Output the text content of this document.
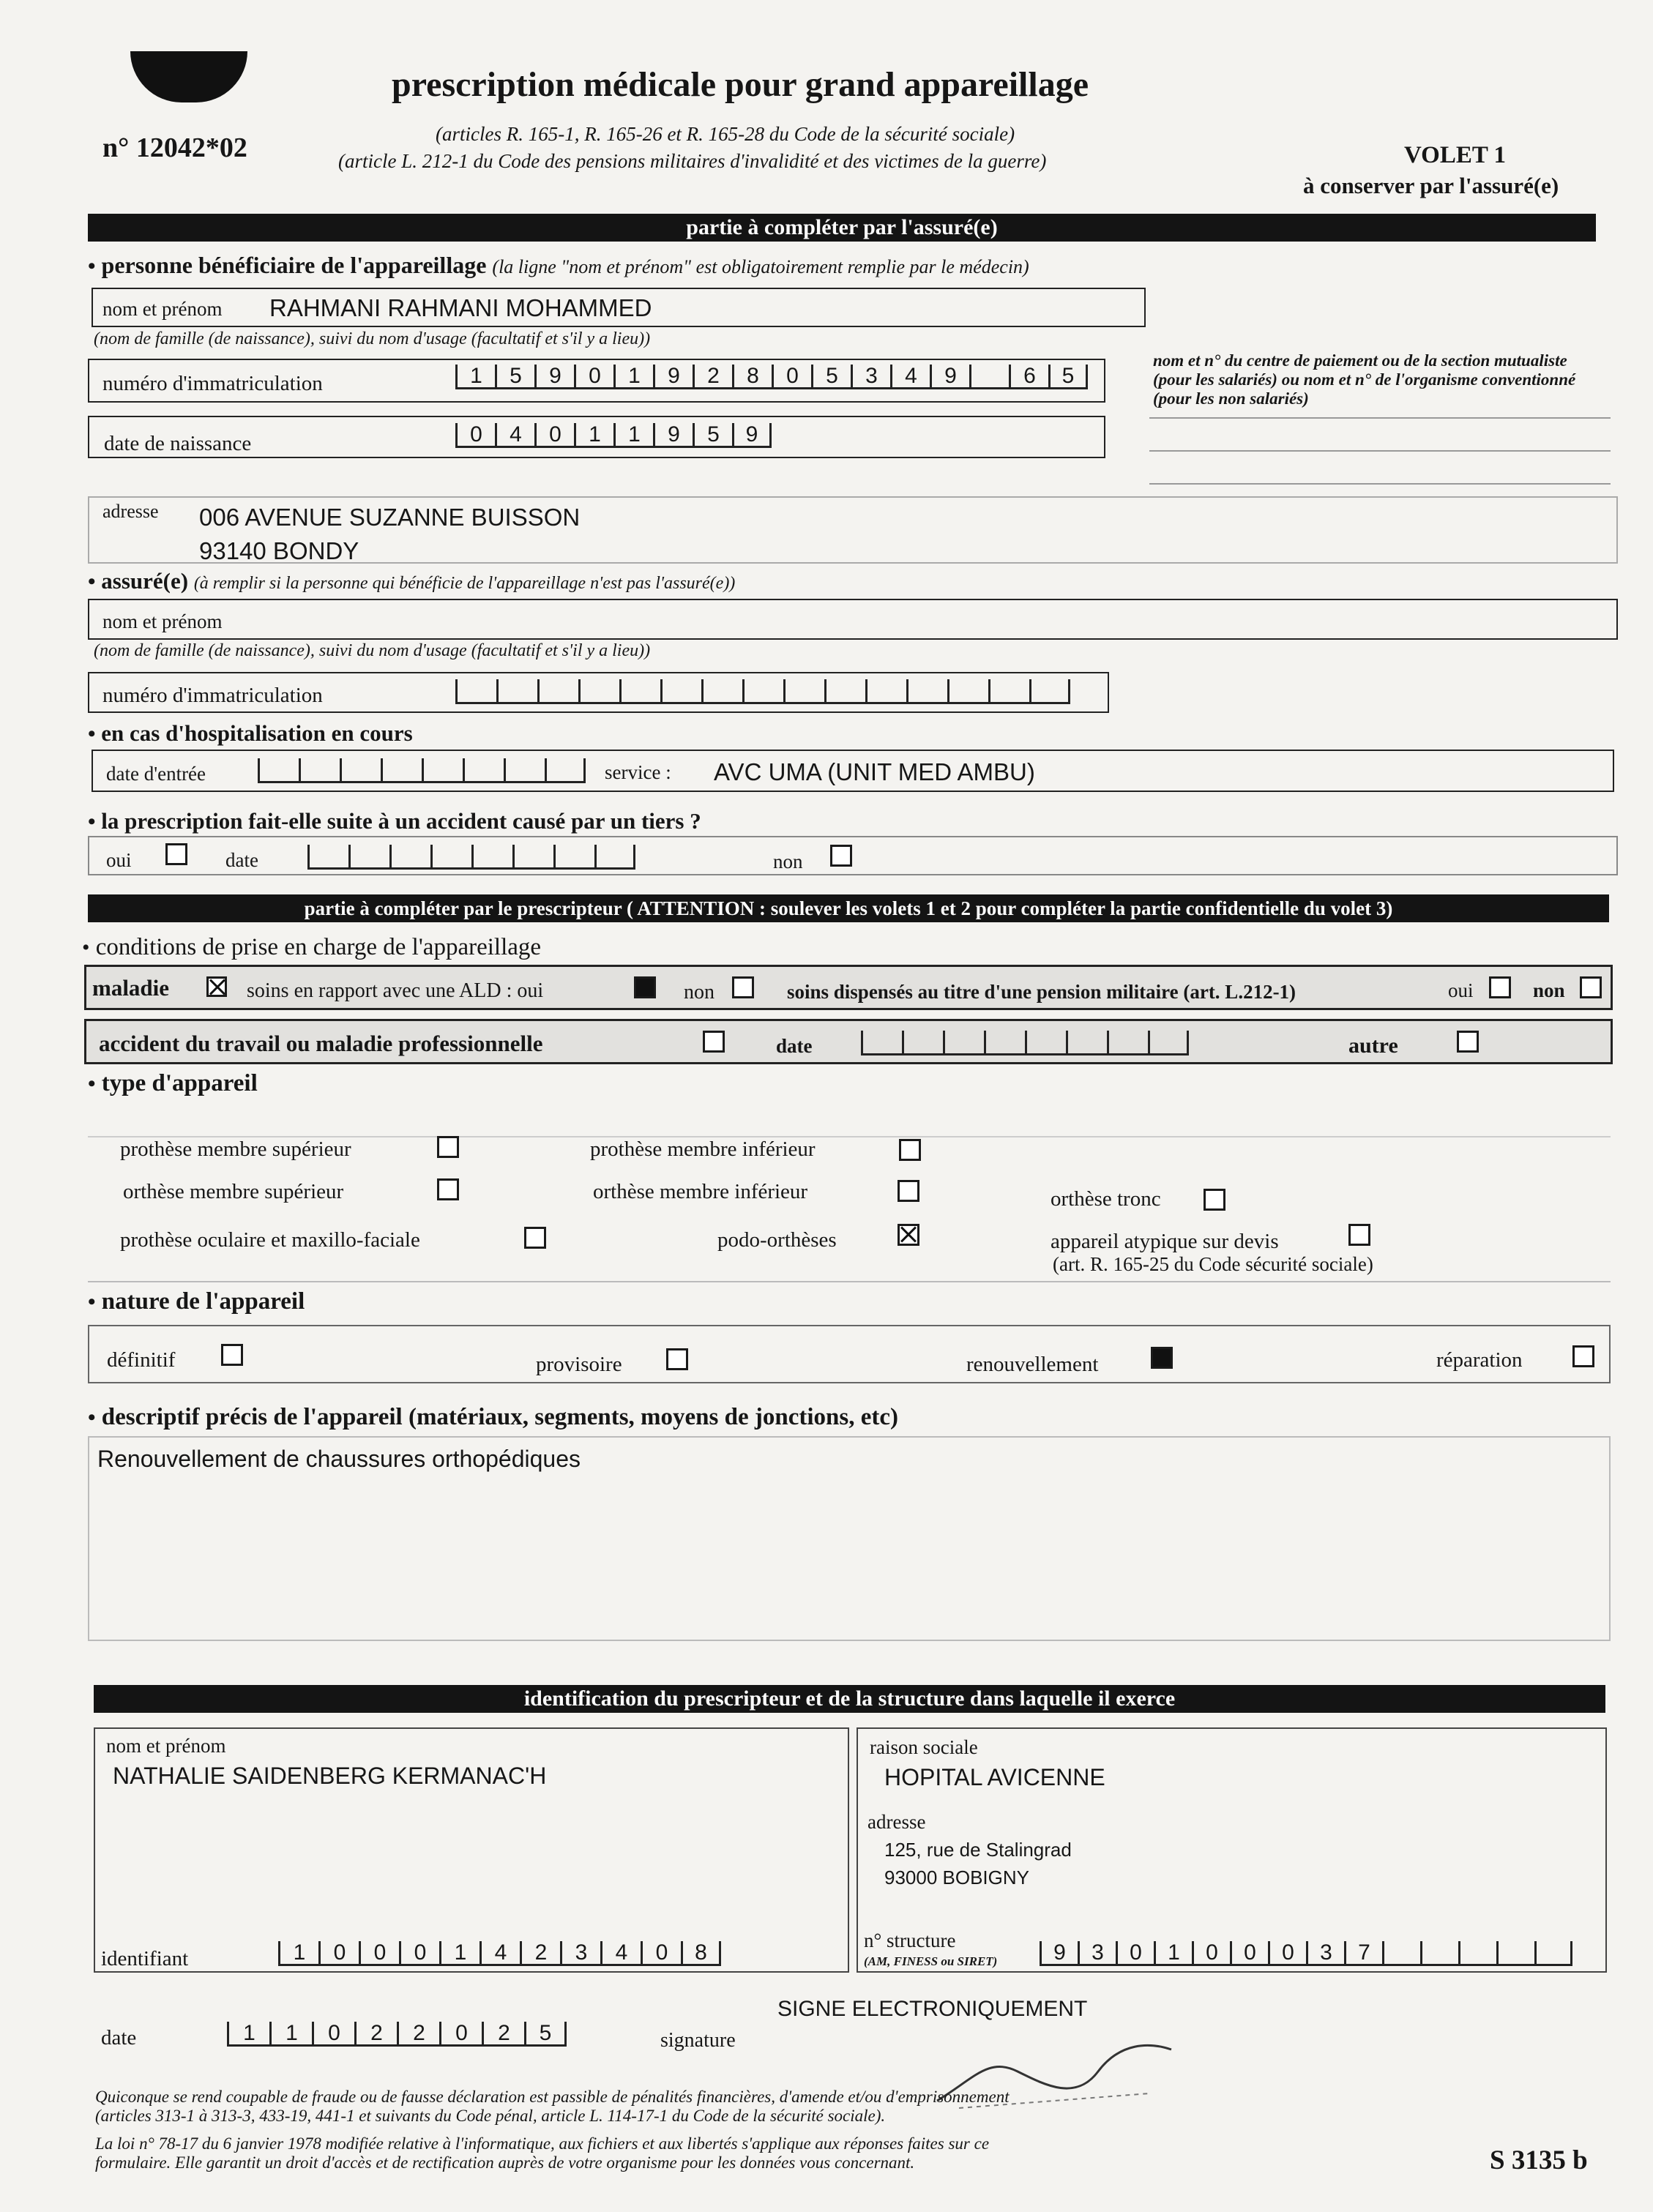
prescription médicale pour grand appareillage
n° 12042*02	(articles R. 165-1, R. 165-26 et R. 165-28 du Code de la sécurité sociale)
(article L. 212-1 du Code des pensions militaires d'invalidité et des victimes de la guerre)	VOLET 1
à conserver par l'assuré(e)
partie à compléter par l'assuré(e)
• personne bénéficiaire de l'appareillage (la ligne "nom et prénom" est obligatoirement remplie par le médecin)
nom et prénom RAHMANI RAHMANI MOHAMMED
(nom de famille (de naissance), suivi du nom d'usage (facultatif et s'il y a lieu))
numéro d'immatriculation	1	5	9	0	1	9	2	8	0	5	3	4	9	6	5
nom et n° du centre de paiement ou de la section mutualiste (pour les salariés) ou nom et n° de l'organisme conventionné (pour les non salariés)
date de naissance	0	4	0	1	1	9	5	9
adresse 006 AVENUE SUZANNE BUISSON
93140 BONDY
• assuré(e) (à remplir si la personne qui bénéficie de l'appareillage n'est pas l'assuré(e))
nom et prénom
(nom de famille (de naissance), suivi du nom d'usage (facultatif et s'il y a lieu))
numéro d'immatriculation
• en cas d'hospitalisation en cours
date d'entrée	service : AVC UMA (UNIT MED AMBU)
• la prescription fait-elle suite à un accident causé par un tiers ?
oui	date	non
partie à compléter par le prescripteur ( ATTENTION : soulever les volets 1 et 2 pour compléter la partie confidentielle du volet 3)
• conditions de prise en charge de l'appareillage
maladie	soins en rapport avec une ALD : oui	non	soins dispensés au titre d'une pension militaire (art. L.212-1)	oui	non
accident du travail ou maladie professionnelle	date	autre
• type d'appareil
prothèse membre supérieur	prothèse membre inférieur
orthèse membre supérieur	orthèse membre inférieur	orthèse tronc
prothèse oculaire et maxillo-faciale	podo-orthèses	appareil atypique sur devis
(art. R. 165-25 du Code sécurité sociale)
• nature de l'appareil
définitif	provisoire	renouvellement	réparation
• descriptif précis de l'appareil (matériaux, segments, moyens de jonctions, etc)
Renouvellement de chaussures orthopédiques
identification du prescripteur et de la structure dans laquelle il exerce
nom et prénom
NATHALIE SAIDENBERG KERMANAC'H
identifiant	1	0	0	0	1	4	2	3	4	0	8
raison sociale
HOPITAL AVICENNE
adresse
125, rue de Stalingrad
93000 BOBIGNY
n° structure
(AM, FINESS ou SIRET)	9	3	0	1	0	0	0	3	7
date	1	1	0	2	2	0	2	5	signature
SIGNE ELECTRONIQUEMENT
Quiconque se rend coupable de fraude ou de fausse déclaration est passible de pénalités financières, d'amende et/ou d'emprisonnement
(articles 313-1 à 313-3, 433-19, 441-1 et suivants du Code pénal, article L. 114-17-1 du Code de la sécurité sociale).
La loi n° 78-17 du 6 janvier 1978 modifiée relative à l'informatique, aux fichiers et aux libertés s'applique aux réponses faites sur ce
formulaire. Elle garantit un droit d'accès et de rectification auprès de votre organisme pour les données vous concernant.	S 3135 b
